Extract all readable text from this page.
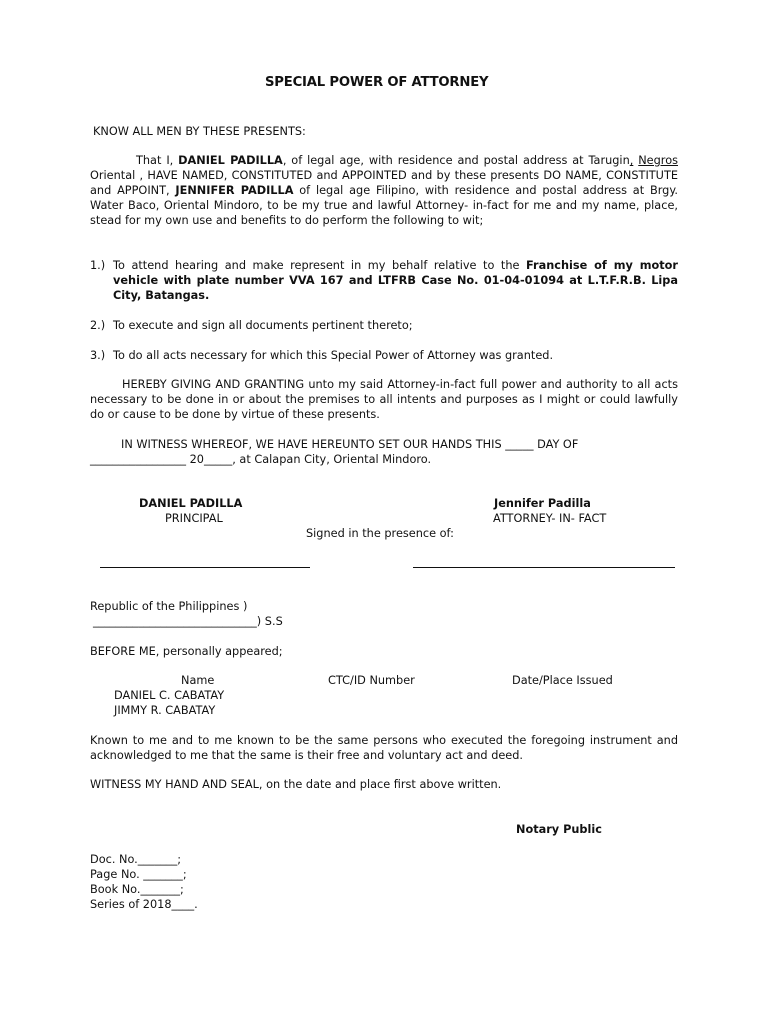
SPECIAL POWER OF ATTORNEY
KNOW ALL MEN BY THESE PRESENTS:
That I, DANIEL PADILLA, of legal age, with residence and postal address at Tarugin, Negros Oriental , HAVE NAMED, CONSTITUTED and APPOINTED and by these presents DO NAME, CONSTITUTE and APPOINT, JENNIFER PADILLA of legal age Filipino, with residence and postal address at Brgy. Water Baco, Oriental Mindoro, to be my true and lawful Attorney- in-fact for me and my name, place, stead for my own use and benefits to do perform the following to wit;
1.) To attend hearing and make represent in my behalf relative to the Franchise of my motor vehicle with plate number VVA 167 and LTFRB Case No. 01-04-01094 at L.T.F.R.B. Lipa City, Batangas.
2.) To execute and sign all documents pertinent thereto;
3.) To do all acts necessary for which this Special Power of Attorney was granted.
HEREBY GIVING AND GRANTING unto my said Attorney-in-fact full power and authority to all acts necessary to be done in or about the premises to all intents and purposes as I might or could lawfully do or cause to be done by virtue of these presents.
IN WITNESS WHEREOF, WE HAVE HEREUNTO SET OUR HANDS THIS _____ DAY OF
_________________ 20_____, at Calapan City, Oriental Mindoro.
DANIEL PADILLA
PRINCIPAL
Jennifer Padilla
ATTORNEY- IN- FACT
Signed in the presence of:
Republic of the Philippines )
_____________________________) S.S
BEFORE ME, personally appeared;
Name	CTC/ID Number	Date/Place Issued
DANIEL C. CABATAY
JIMMY R. CABATAY
Known to me and to me known to be the same persons who executed the foregoing instrument and acknowledged to me that the same is their free and voluntary act and deed.
WITNESS MY HAND AND SEAL, on the date and place first above written.
Notary Public
Doc. No._______;
Page No. _______;
Book No._______;
Series of 2018____.
